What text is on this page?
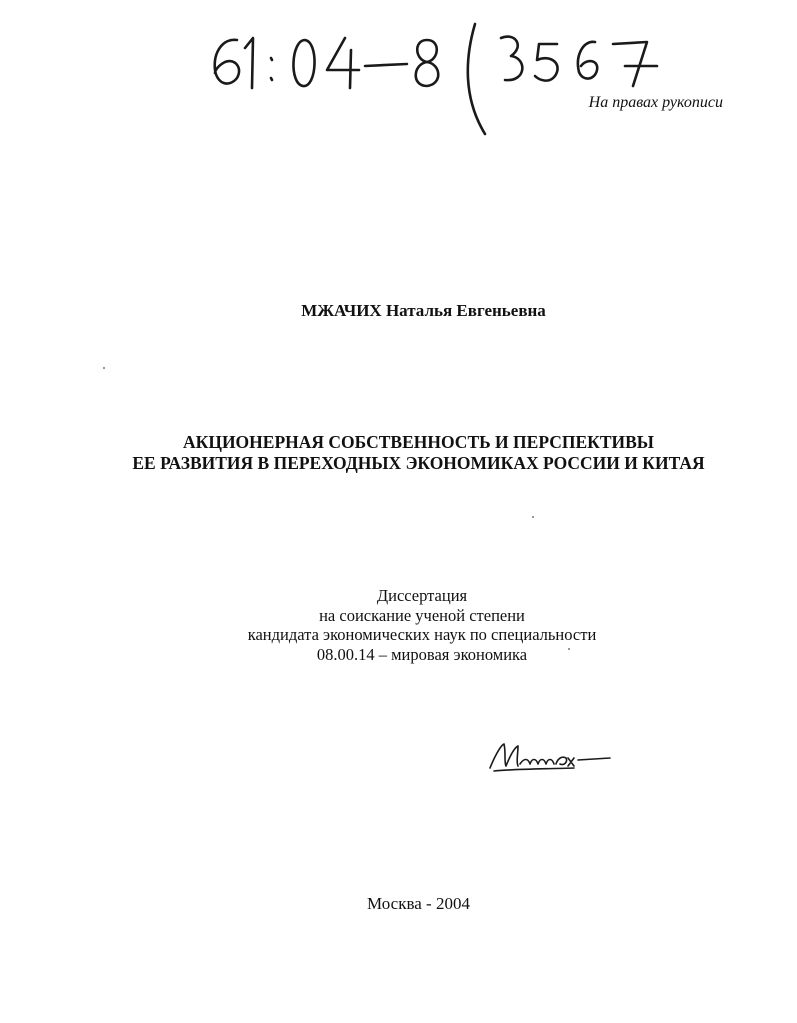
На правах рукописи
МЖАЧИХ Наталья Евгеньевна
АКЦИОНЕРНАЯ СОБСТВЕННОСТЬ И ПЕРСПЕКТИВЫ
ЕЕ РАЗВИТИЯ В ПЕРЕХОДНЫХ ЭКОНОМИКАХ РОССИИ И КИТАЯ
Диссертация
на соискание ученой степени
кандидата экономических наук по специальности
08.00.14 – мировая экономика
Москва - 2004
